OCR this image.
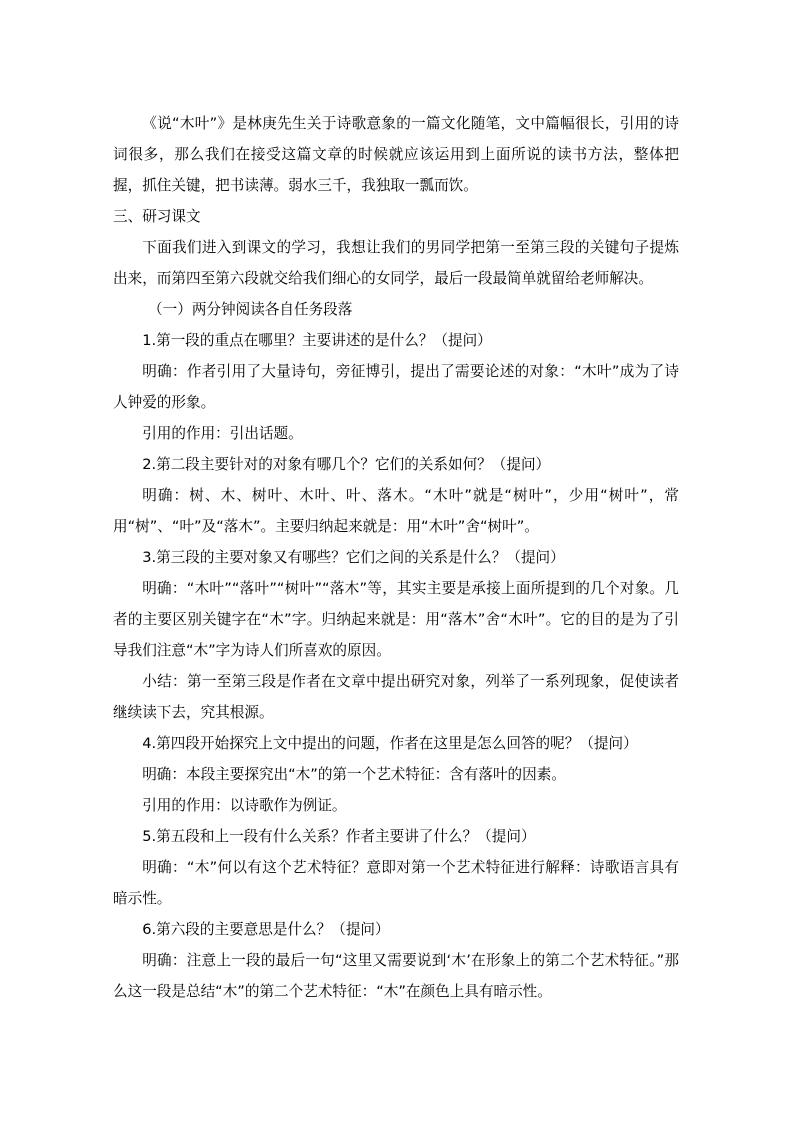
《说“木叶”》是林庚先生关于诗歌意象的一篇文化随笔，文中篇幅很长，引用的诗词很多，那么我们在接受这篇文章的时候就应该运用到上面所说的读书方法，整体把握，抓住关键，把书读薄。弱水三千，我独取一瓢而饮。

三、研习课文

下面我们进入到课文的学习，我想让我们的男同学把第一至第三段的关键句子提炼出来，而第四至第六段就交给我们细心的女同学，最后一段最简单就留给老师解决。

（一）两分钟阅读各自任务段落

1.第一段的重点在哪里？主要讲述的是什么？（提问）

明确：作者引用了大量诗句，旁征博引，提出了需要论述的对象：“木叶”成为了诗人钟爱的形象。

引用的作用：引出话题。

2.第二段主要针对的对象有哪几个？它们的关系如何？（提问）

明确：树、木、树叶、木叶、叶、落木。“木叶”就是“树叶”，少用“树叶”，常用“树”、“叶”及“落木”。主要归纳起来就是：用“木叶”舍“树叶”。

3.第三段的主要对象又有哪些？它们之间的关系是什么？（提问）

明确：“木叶”“落叶”“树叶”“落木”等，其实主要是承接上面所提到的几个对象。几者的主要区别关键字在“木”字。归纳起来就是：用“落木”舍“木叶”。它的目的是为了引导我们注意“木”字为诗人们所喜欢的原因。

小结：第一至第三段是作者在文章中提出研究对象，列举了一系列现象，促使读者继续读下去，究其根源。

4.第四段开始探究上文中提出的问题，作者在这里是怎么回答的呢？（提问）

明确：本段主要探究出“木”的第一个艺术特征：含有落叶的因素。

引用的作用：以诗歌作为例证。

5.第五段和上一段有什么关系？作者主要讲了什么？（提问）

明确：“木”何以有这个艺术特征？意即对第一个艺术特征进行解释：诗歌语言具有暗示性。

6.第六段的主要意思是什么？（提问）

明确：注意上一段的最后一句“这里又需要说到‘木’在形象上的第二个艺术特征。”那么这一段是总结“木”的第二个艺术特征：“木”在颜色上具有暗示性。
